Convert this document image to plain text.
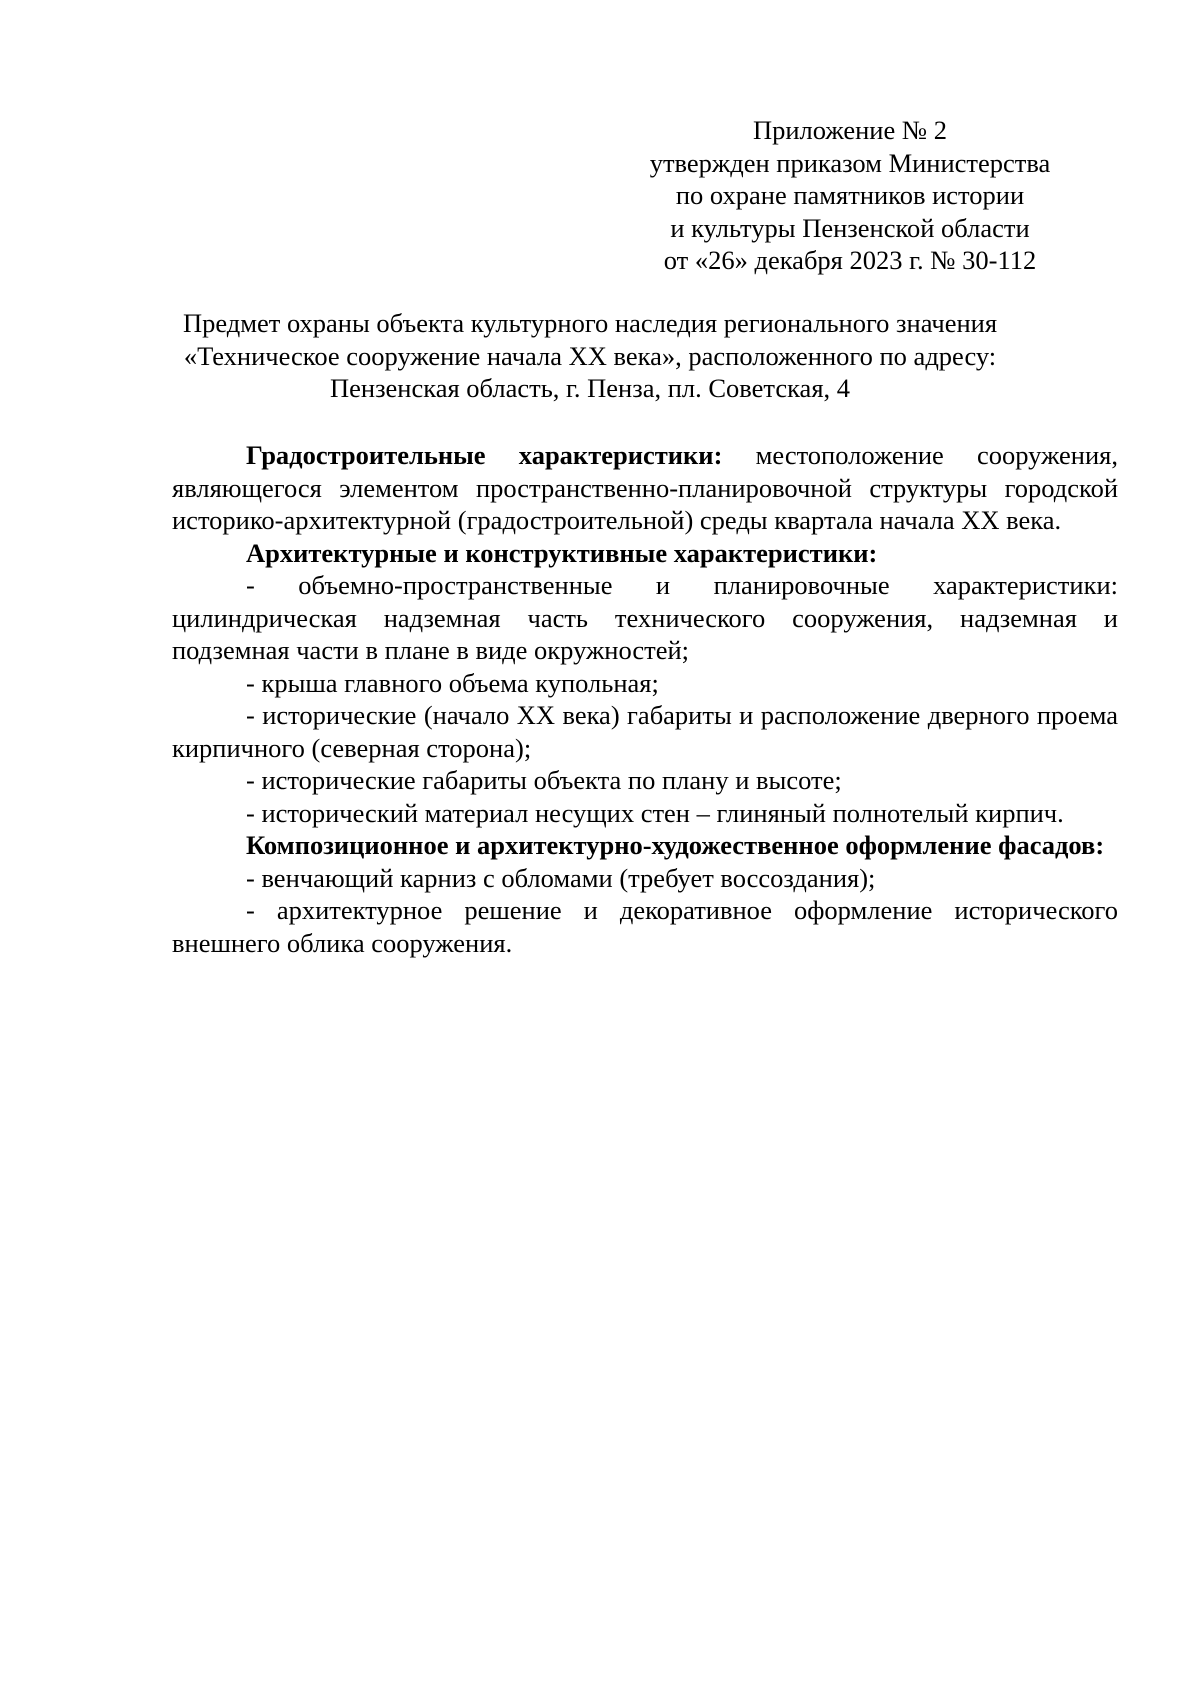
Приложение № 2
утвержден приказом Министерства
по охране памятников истории
и культуры Пензенской области
от «26» декабря 2023 г. № 30-112
Предмет охраны объекта культурного наследия регионального значения
«Техническое сооружение начала XX века», расположенного по адресу:
Пензенская область, г. Пенза, пл. Советская, 4

Градостроительные характеристики: местоположение сооружения, являющегося элементом пространственно-планировочной структуры городской историко-архитектурной (градостроительной) среды квартала начала XX века.

Архитектурные и конструктивные характеристики:

- объемно-пространственные и планировочные характеристики: цилиндрическая надземная часть технического сооружения, надземная и подземная части в плане в виде окружностей;

- крыша главного объема купольная;

- исторические (начало XX века) габариты и расположение дверного проема кирпичного (северная сторона);

- исторические габариты объекта по плану и высоте;

- исторический материал несущих стен – глиняный полнотелый кирпич.

Композиционное и архитектурно-художественное оформление фасадов:

- венчающий карниз с обломами (требует воссоздания);

- архитектурное решение и декоративное оформление исторического внешнего облика сооружения.
